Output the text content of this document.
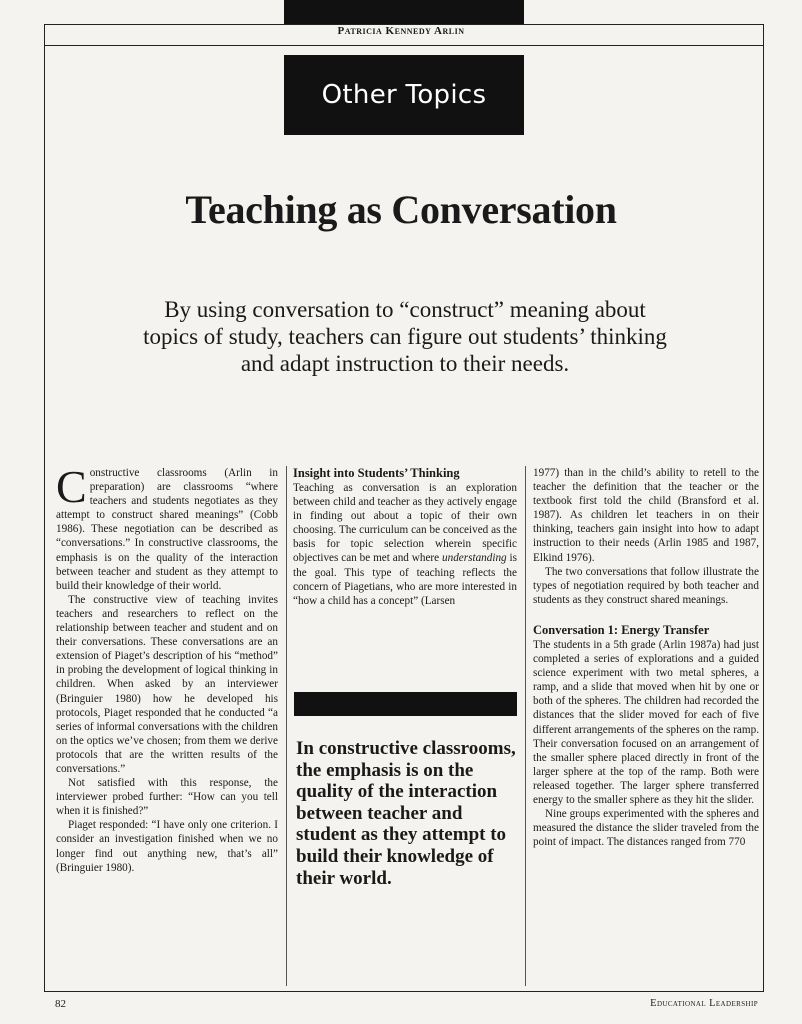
Patricia Kennedy Arlin
Other Topics
Teaching as Conversation
By using conversation to “construct” meaning about topics of study, teachers can figure out students’ thinking and adapt instruction to their needs.

Constructive classrooms (Arlin in preparation) are classrooms “where teachers and students negotiates as they attempt to construct shared meanings” (Cobb 1986). These negotiation can be described as “conversations.” In constructive classrooms, the emphasis is on the quality of the interaction between teacher and student as they attempt to build their knowledge of their world.

The constructive view of teaching invites teachers and researchers to reflect on the relationship between teacher and student and on their conversations. These conversations are an extension of Piaget’s description of his “method” in probing the development of logical thinking in children. When asked by an interviewer (Bringuier 1980) how he developed his protocols, Piaget responded that he conducted “a series of informal conversations with the children on the optics we’ve chosen; from them we derive protocols that are the written results of the conversations.”

Not satisfied with this response, the interviewer probed further: “How can you tell when it is finished?”

Piaget responded: “I have only one criterion. I consider an investigation finished when we no longer find out anything new, that’s all” (Bringuier 1980).

Insight into Students’ Thinking

Teaching as conversation is an exploration between child and teacher as they actively engage in finding out about a topic of their own choosing. The curriculum can be conceived as the basis for topic selection wherein specific objectives can be met and where understanding is the goal. This type of teaching reflects the concern of Piagetians, who are more interested in “how a child has a concept” (Larsen

In constructive classrooms, the emphasis is on the quality of the interaction between teacher and student as they attempt to build their knowledge of their world.

1977) than in the child’s ability to retell to the teacher the definition that the teacher or the textbook first told the child (Bransford et al. 1987). As children let teachers in on their thinking, teachers gain insight into how to adapt instruction to their needs (Arlin 1985 and 1987, Elkind 1976).

The two conversations that follow illustrate the types of negotiation required by both teacher and students as they construct shared meanings.

Conversation 1: Energy Transfer

The students in a 5th grade (Arlin 1987a) had just completed a series of explorations and a guided science experiment with two metal spheres, a ramp, and a slide that moved when hit by one or both of the spheres. The children had recorded the distances that the slider moved for each of five different arrangements of the spheres on the ramp. Their conversation focused on an arrangement of the smaller sphere placed directly in front of the larger sphere at the top of the ramp. Both were released together. The larger sphere transferred energy to the smaller sphere as they hit the slider.

Nine groups experimented with the spheres and measured the distance the slider traveled from the point of impact. The distances ranged from 770

82	Educational Leadership
